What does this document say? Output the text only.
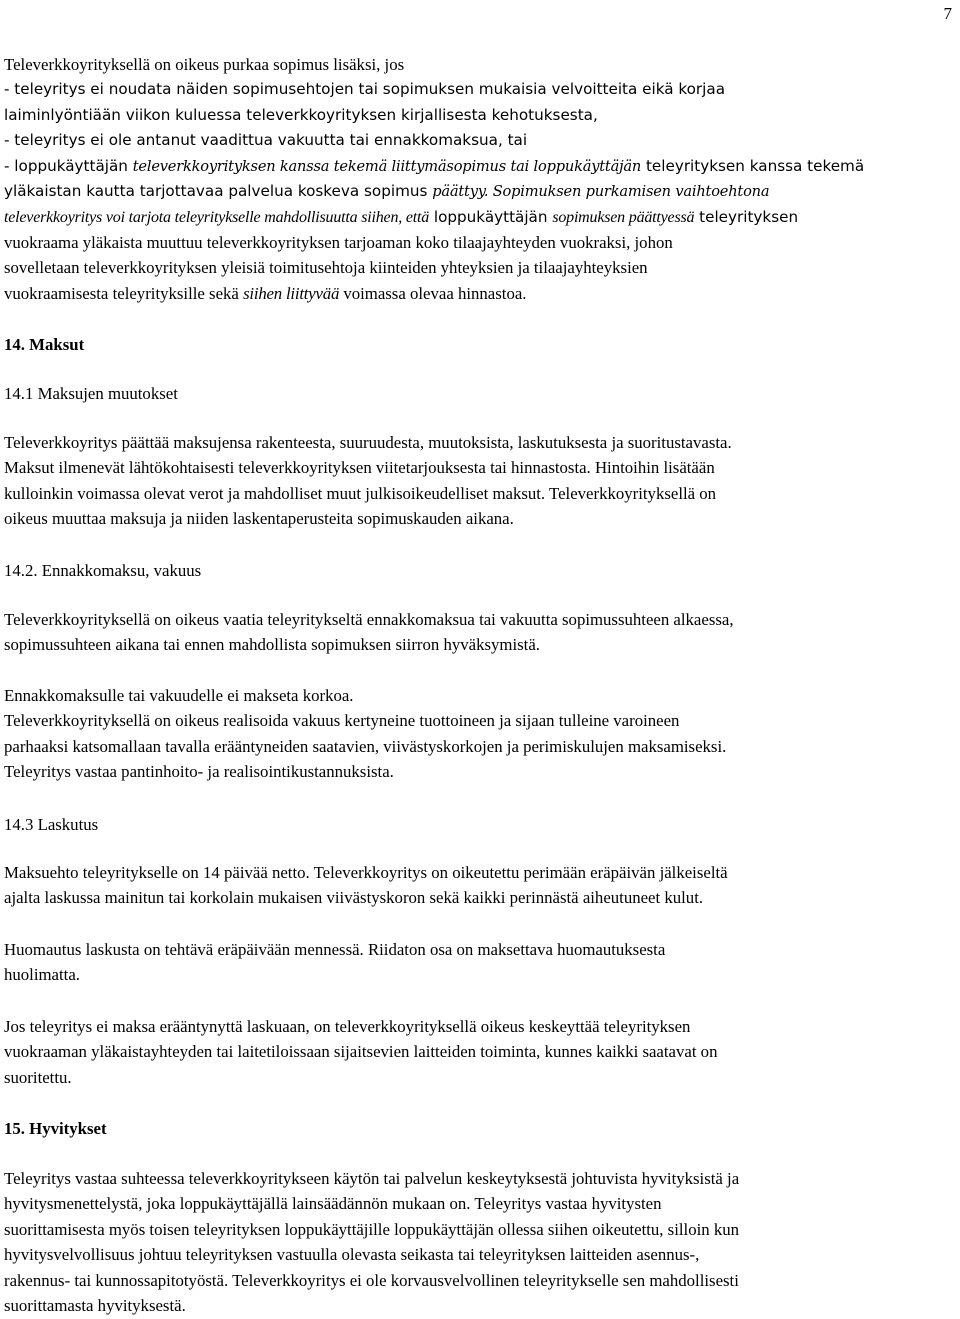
7
Televerkkoyrityksellä on oikeus purkaa sopimus lisäksi, jos
- teleyritys ei noudata näiden sopimusehtojen tai sopimuksen mukaisia velvoitteita eikä korjaa
laiminlyöntiään viikon kuluessa televerkkoyrityksen kirjallisesta kehotuksesta,
- teleyritys ei ole antanut vaadittua vakuutta tai ennakkomaksua, tai
- loppukäyttäjän televerkkoyrityksen kanssa tekemä liittymäsopimus tai loppukäyttäjän teleyrityksen kanssa tekemä
yläkaistan kautta tarjottavaa palvelua koskeva sopimus päättyy. Sopimuksen purkamisen vaihtoehtona
televerkkoyritys voi tarjota teleyritykselle mahdollisuutta siihen, että loppukäyttäjän sopimuksen päättyessä teleyrityksen
vuokraama yläkaista muuttuu televerkkoyrityksen tarjoaman koko tilaajayhteyden vuokraksi, johon
sovelletaan televerkkoyrityksen yleisiä toimitusehtoja kiinteiden yhteyksien ja tilaajayhteyksien
vuokraamisesta teleyrityksille sekä siihen liittyvää voimassa olevaa hinnastoa.
14. Maksut
14.1 Maksujen muutokset
Televerkkoyritys päättää maksujensa rakenteesta, suuruudesta, muutoksista, laskutuksesta ja suoritustavasta.
Maksut ilmenevät lähtökohtaisesti televerkkoyrityksen viitetarjouksesta tai hinnastosta. Hintoihin lisätään
kulloinkin voimassa olevat verot ja mahdolliset muut julkisoikeudelliset maksut. Televerkkoyrityksellä on
oikeus muuttaa maksuja ja niiden laskentaperusteita sopimuskauden aikana.
14.2. Ennakkomaksu, vakuus
Televerkkoyrityksellä on oikeus vaatia teleyritykseltä ennakkomaksua tai vakuutta sopimussuhteen alkaessa,
sopimussuhteen aikana tai ennen mahdollista sopimuksen siirron hyväksymistä.
Ennakkomaksulle tai vakuudelle ei makseta korkoa.
Televerkkoyrityksellä on oikeus realisoida vakuus kertyneine tuottoineen ja sijaan tulleine varoineen
parhaaksi katsomallaan tavalla erääntyneiden saatavien, viivästyskorkojen ja perimiskulujen maksamiseksi.
Teleyritys vastaa pantinhoito- ja realisointikustannuksista.
14.3 Laskutus
Maksuehto teleyritykselle on 14 päivää netto. Televerkkoyritys on oikeutettu perimään eräpäivän jälkeiseltä
ajalta laskussa mainitun tai korkolain mukaisen viivästyskoron sekä kaikki perinnästä aiheutuneet kulut.
Huomautus laskusta on tehtävä eräpäivään mennessä. Riidaton osa on maksettava huomautuksesta
huolimatta.
Jos teleyritys ei maksa erääntynyttä laskuaan, on televerkkoyrityksellä oikeus keskeyttää teleyrityksen
vuokraaman yläkaistayhteyden tai laitetiloissaan sijaitsevien laitteiden toiminta, kunnes kaikki saatavat on
suoritettu.
15. Hyvitykset
Teleyritys vastaa suhteessa televerkkoyritykseen käytön tai palvelun keskeytyksestä johtuvista hyvityksistä ja
hyvitysmenettelystä, joka loppukäyttäjällä lainsäädännön mukaan on. Teleyritys vastaa hyvitysten
suorittamisesta myös toisen teleyrityksen loppukäyttäjille loppukäyttäjän ollessa siihen oikeutettu, silloin kun
hyvitysvelvollisuus johtuu teleyrityksen vastuulla olevasta seikasta tai teleyrityksen laitteiden asennus-,
rakennus- tai kunnossapitotyöstä. Televerkkoyritys ei ole korvausvelvollinen teleyritykselle sen mahdollisesti
suorittamasta hyvityksestä.
